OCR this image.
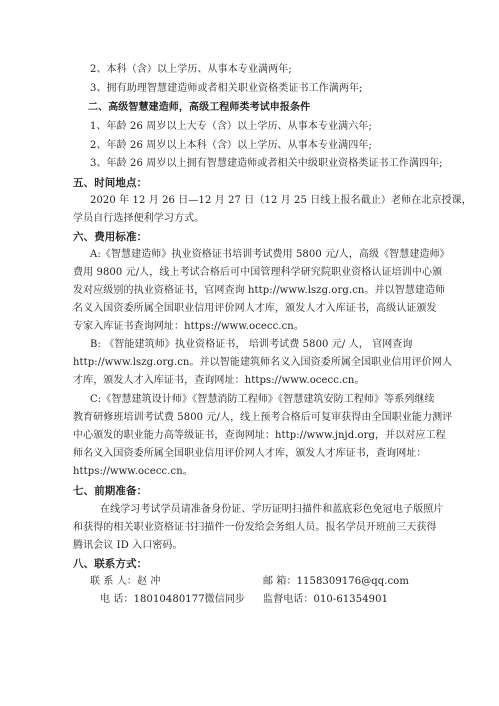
2、本科（含）以上学历、从事本专业满两年;
3、拥有助理智慧建造师或者相关职业资格类证书工作满两年;
二、高级智慧建造师，高级工程师类考试申报条件
1、年龄 26 周岁以上大专（含）以上学历、从事本专业满六年;
2、年龄 26 周岁以上本科（含）以上学历、从事本专业满四年;
3、年龄 26 周岁以上拥有智慧建造师或者相关中级职业资格类证书工作满四年;
五、时间地点：
2020 年 12 月 26 日—12 月 27 日（12 月 25 日线上报名截止）老师在北京授课，
学员自行选择便利学习方式。
六、费用标准：
A:《智慧建造师》执业资格证书培训考试费用 5800 元/人，高级《智慧建造师》
费用 9800 元/人，线上考试合格后可中国管理科学研究院职业资格认证培训中心颁
发对应级别的执业资格证书，官网查询 http://www.lszg.org.cn。并以智慧建造师
名义入国资委所属全国职业信用评价网人才库，颁发人才入库证书，高级认证颁发
专家入库证书查询网址：https://www.ocecc.cn。
B: 《智能建筑师》执业资格证书， 培训考试费 5800 元/ 人， 官网查询
http://www.lszg.org.cn。并以智能建筑师名义入国资委所属全国职业信用评价网人
才库，颁发人才入库证书，查询网址：https://www.ocecc.cn。
C:《智慧建筑设计师》《智慧消防工程师》《智慧建筑安防工程师》等系列继续
教育研修班培训考试费 5800 元/人，线上预考合格后可复审获得由全国职业能力测评
中心颁发的职业能力高等级证书，查询网址：http://www.jnjd.org，并以对应工程
师名义入国资委所属全国职业信用评价网人才库，颁发人才库证书，查询网址：
https://www.ocecc.cn。
七、前期准备：
在线学习考试学员请准备身份证、学历证明扫描件和蓝底彩色免冠电子版照片
和获得的相关职业资格证书扫描件一份发给会务组人员。报名学员开班前三天获得
腾讯会议 ID 入口密码。
八、联系方式：
联 系 人：赵 冲	邮 箱：1158309176@qq.com
电 话：18010480177微信同步 监督电话：010-61354901
